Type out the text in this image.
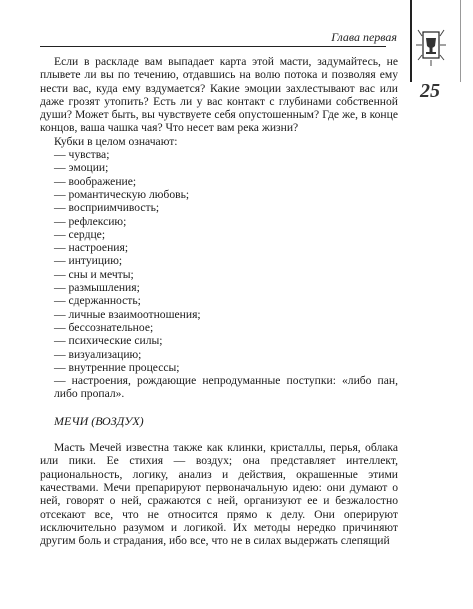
Глава первая
25

Если в раскладе вам выпадает карта этой масти, задумайтесь, не плывете ли вы по течению, отдавшись на волю потока и позволяя ему нести вас, куда ему вздумается? Какие эмоции захлестывают вас или даже грозят утопить? Есть ли у вас контакт с глубинами собственной души? Может быть, вы чувствуете себя опустошенным? Где же, в конце концов, ваша чашка чая? Что несет вам река жизни?

Кубки в целом означают:

— чувства;
— эмоции;
— воображение;
— романтическую любовь;
— восприимчивость;
— рефлексию;
— сердце;
— настроения;
— интуицию;
— сны и мечты;
— размышления;
— сдержанность;
— личные взаимоотношения;
— бессознательное;
— психические силы;
— визуализацию;
— внутренние процессы;
— настроения, рождающие непродуманные поступки: «либо пан, либо пропал».
МЕЧИ (ВОЗДУХ)

Масть Мечей известна также как клинки, кристаллы, перья, облака или пики. Ее стихия — воздух; она представляет интеллект, рациональность, логику, анализ и действия, окрашенные этими качествами. Мечи препарируют первоначальную идею: они думают о ней, говорят о ней, сражаются с ней, организуют ее и безжалостно отсекают все, что не относится прямо к делу. Они оперируют исключительно разумом и логикой. Их методы нередко причиняют другим боль и страдания, ибо все, что не в силах выдержать слепящий
